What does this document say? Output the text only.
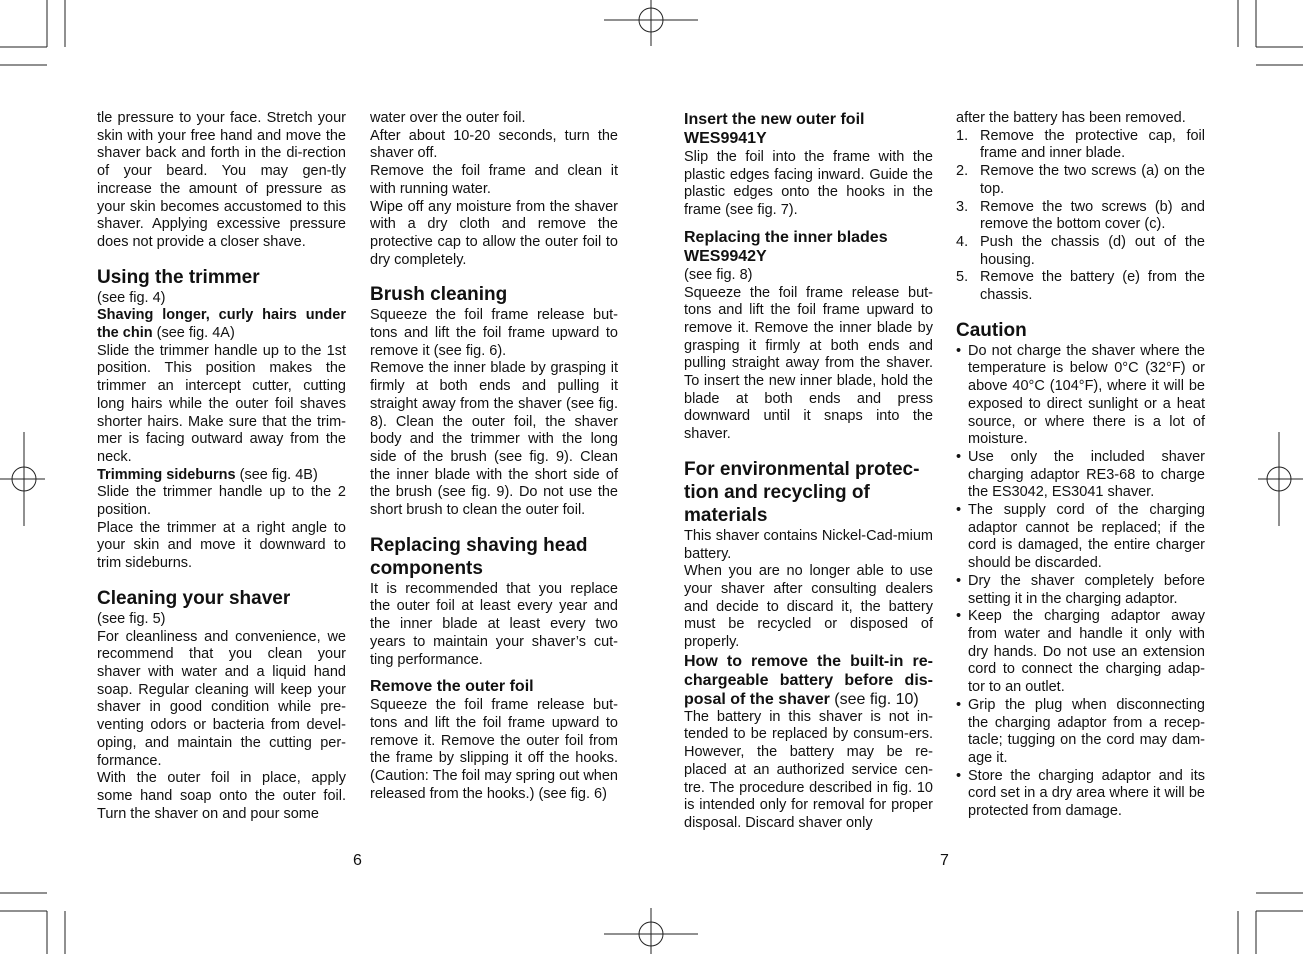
tle pressure to your face. Stretch your skin with your free hand and move the shaver back and forth in the di-rection of your beard. You may gen-tly increase the amount of pressure as your skin becomes accustomed to this shaver. Applying excessive pressure does not provide a closer shave.

Using the trimmer

(see fig. 4)

Shaving longer, curly hairs under the chin (see fig. 4A)

Slide the trimmer handle up to the 1st position. This position makes the trimmer an intercept cutter, cutting long hairs while the outer foil shaves shorter hairs. Make sure that the trim-mer is facing outward away from the neck.

Trimming sideburns (see fig. 4B)

Slide the trimmer handle up to the 2 position.

Place the trimmer at a right angle to your skin and move it downward to trim sideburns.

Cleaning your shaver

(see fig. 5)

For cleanliness and convenience, we recommend that you clean your shaver with water and a liquid hand soap. Regular cleaning will keep your shaver in good condition while pre-venting odors or bacteria from devel-oping, and maintain the cutting per-formance.

With the outer foil in place, apply some hand soap onto the outer foil. Turn the shaver on and pour some

water over the outer foil.

After about 10-20 seconds, turn the shaver off.

Remove the foil frame and clean it with running water.

Wipe off any moisture from the shaver with a dry cloth and remove the protective cap to allow the outer foil to dry completely.

Brush cleaning

Squeeze the foil frame release but-tons and lift the foil frame upward to remove it (see fig. 6).

Remove the inner blade by grasping it firmly at both ends and pulling it straight away from the shaver (see fig. 8). Clean the outer foil, the shaver body and the trimmer with the long side of the brush (see fig. 9). Clean the inner blade with the short side of the brush (see fig. 9). Do not use the short brush to clean the outer foil.

Replacing shaving head components

It is recommended that you replace the outer foil at least every year and the inner blade at least every two years to maintain your shaver’s cut-ting performance.

Remove the outer foil

Squeeze the foil frame release but-tons and lift the foil frame upward to remove it. Remove the outer foil from the frame by slipping it off the hooks. (Caution: The foil may spring out when released from the hooks.) (see fig. 6)

6
Insert the new outer foil WES9941Y

Slip the foil into the frame with the plastic edges facing inward. Guide the plastic edges onto the hooks in the frame (see fig. 7).

Replacing the inner blades WES9942Y

(see fig. 8)

Squeeze the foil frame release but-tons and lift the foil frame upward to remove it. Remove the inner blade by grasping it firmly at both ends and pulling straight away from the shaver. To insert the new inner blade, hold the blade at both ends and press downward until it snaps into the shaver.

For environmental protec-tion and recycling of materials

This shaver contains Nickel-Cad-mium battery.

When you are no longer able to use your shaver after consulting dealers and decide to discard it, the battery must be recycled or disposed of properly.

How to remove the built-in re-chargeable battery before dis-posal of the shaver (see fig. 10)

The battery in this shaver is not in-tended to be replaced by consum-ers. However, the battery may be re-placed at an authorized service cen-tre. The procedure described in fig. 10 is intended only for removal for proper disposal. Discard shaver only

after the battery has been removed.

1. Remove the protective cap, foil frame and inner blade.
2. Remove the two screws (a) on the top.
3. Remove the two screws (b) and remove the bottom cover (c).
4. Push the chassis (d) out of the housing.
5. Remove the battery (e) from the chassis.
Caution
• Do not charge the shaver where the temperature is below 0°C (32°F) or above 40°C (104°F), where it will be exposed to direct sunlight or a heat source, or where there is a lot of moisture.
• Use only the included shaver charging adaptor RE3-68 to charge the ES3042, ES3041 shaver.
• The supply cord of the charging adaptor cannot be replaced; if the cord is damaged, the entire charger should be discarded.
• Dry the shaver completely before setting it in the charging adaptor.
• Keep the charging adaptor away from water and handle it only with dry hands. Do not use an extension cord to connect the charging adap-tor to an outlet.
• Grip the plug when disconnecting the charging adaptor from a recep-tacle; tugging on the cord may dam-age it.
• Store the charging adaptor and its cord set in a dry area where it will be protected from damage.
7
